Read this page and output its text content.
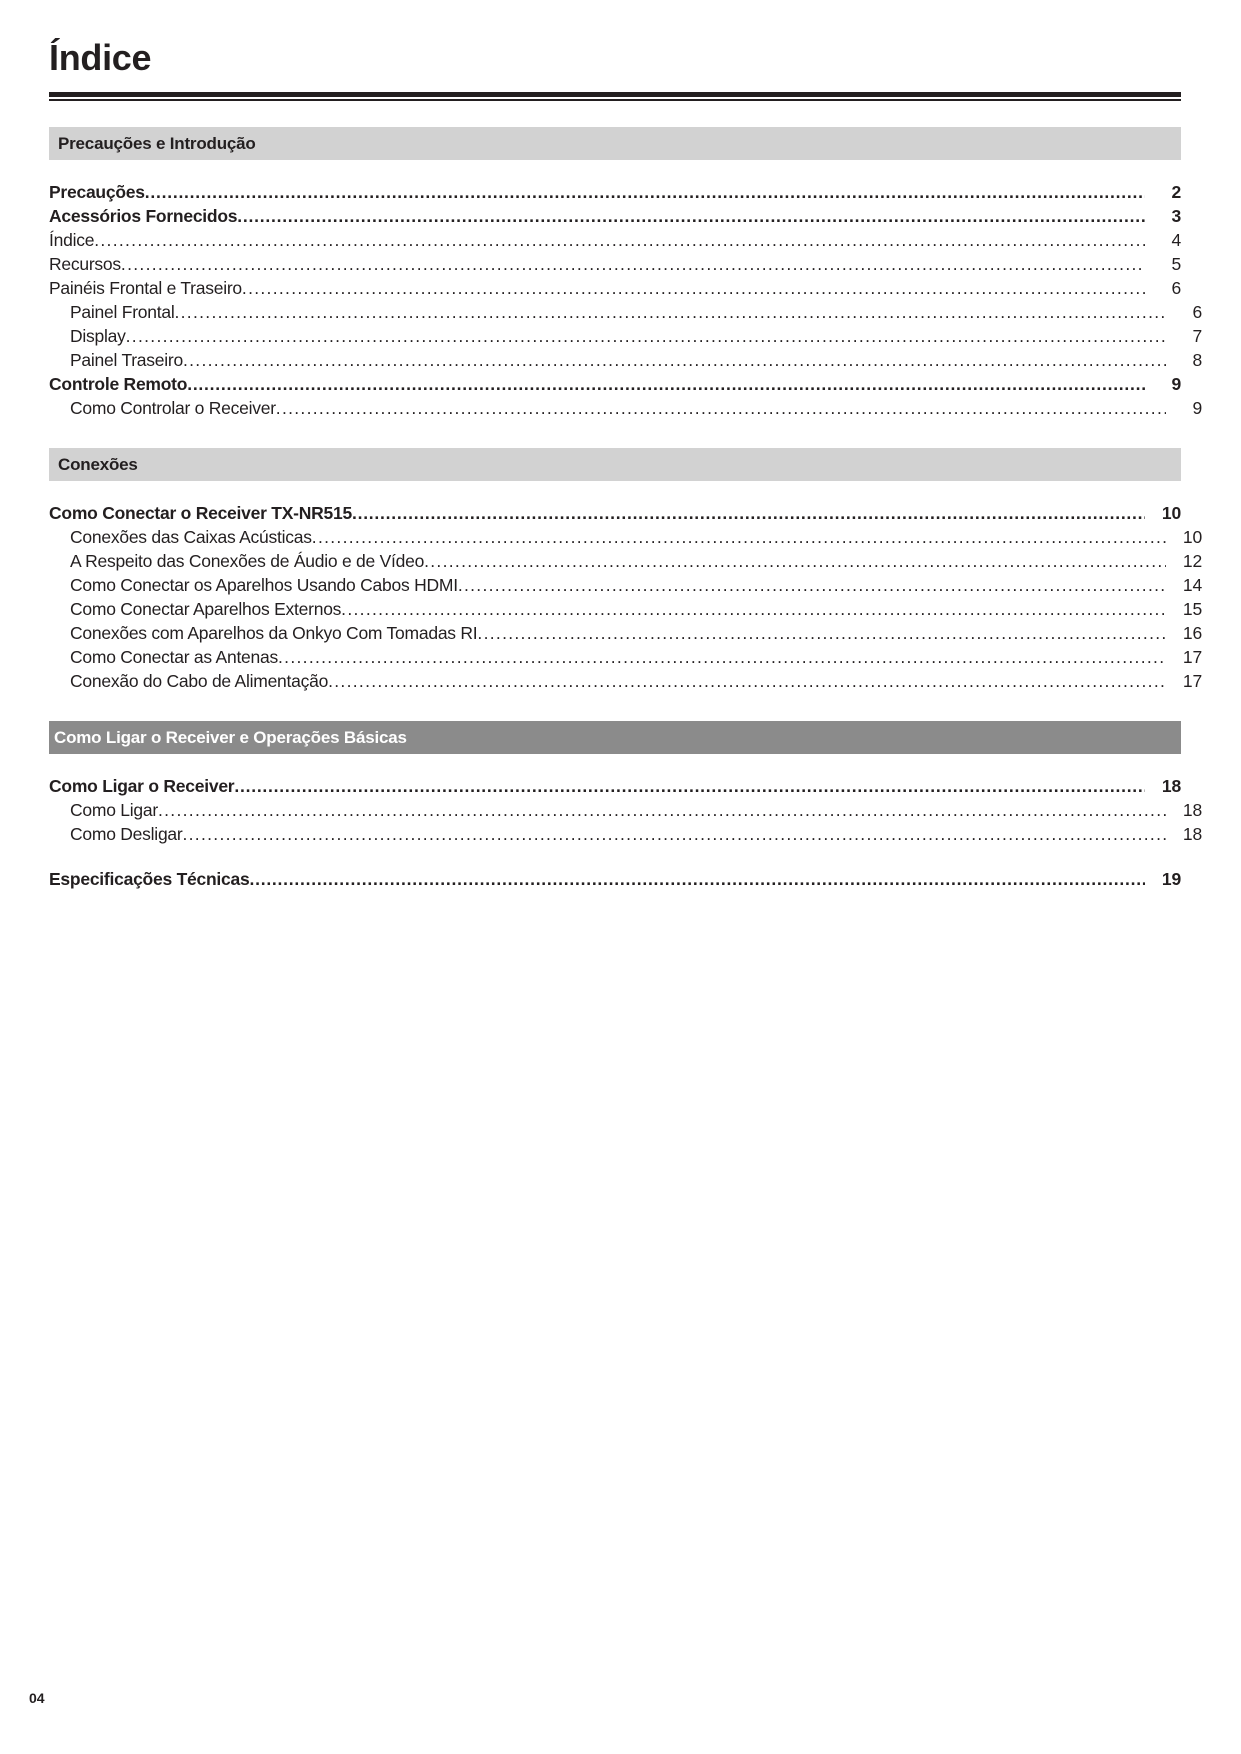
Índice
Precauções e Introdução
Precauções .....	2
Acessórios Fornecidos .....	3
Índice .....	4
Recursos .....	5
Painéis Frontal e Traseiro .....	6
Painel Frontal .....	6
Display .....	7
Painel Traseiro .....	8
Controle Remoto .....	9
Como Controlar o Receiver .....	9
Conexões
Como Conectar o Receiver TX-NR515 .....	10
Conexões das Caixas Acústicas .....	10
A Respeito das Conexões de Áudio e de Vídeo .....	12
Como Conectar os Aparelhos Usando Cabos HDMI .....	14
Como Conectar Aparelhos Externos .....	15
Conexões com Aparelhos da Onkyo Com Tomadas RI .....	16
Como Conectar as Antenas .....	17
Conexão do Cabo de Alimentação .....	17
Como Ligar o Receiver e Operações Básicas
Como Ligar o Receiver .....	18
Como Ligar .....	18
Como Desligar .....	18
Especificações Técnicas .....	19
04
